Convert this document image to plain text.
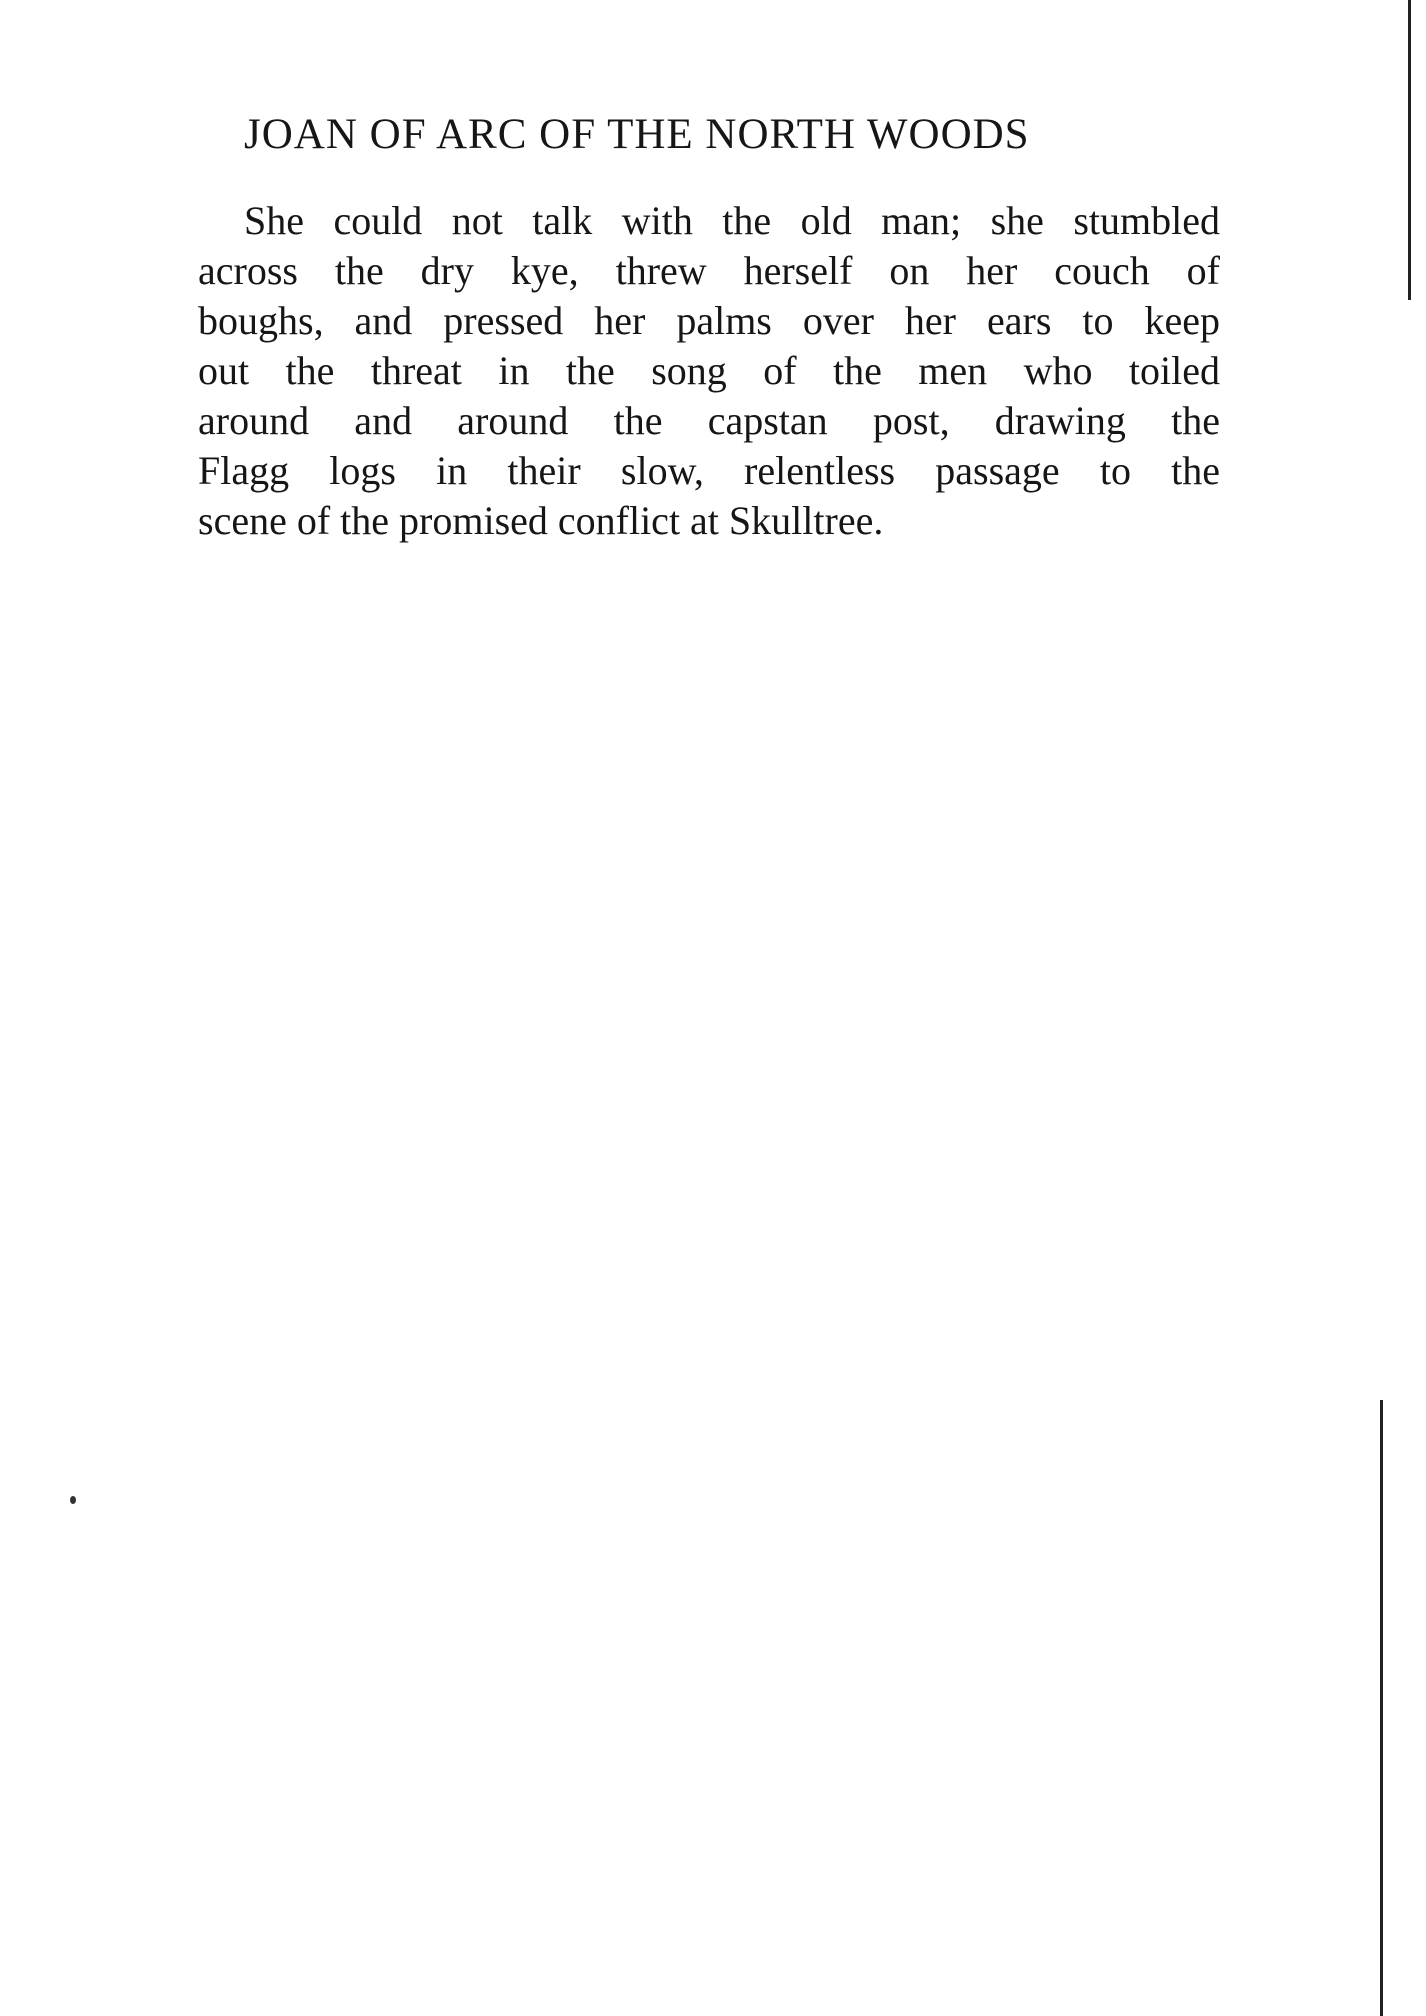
JOAN OF ARC OF THE NORTH WOODS
She could not talk with the old man; she stumbled
across the dry kye, threw herself on her couch of
boughs, and pressed her palms over her ears to keep
out the threat in the song of the men who toiled
around and around the capstan post, drawing the
Flagg logs in their slow, relentless passage to the
scene of the promised conflict at Skulltree.
